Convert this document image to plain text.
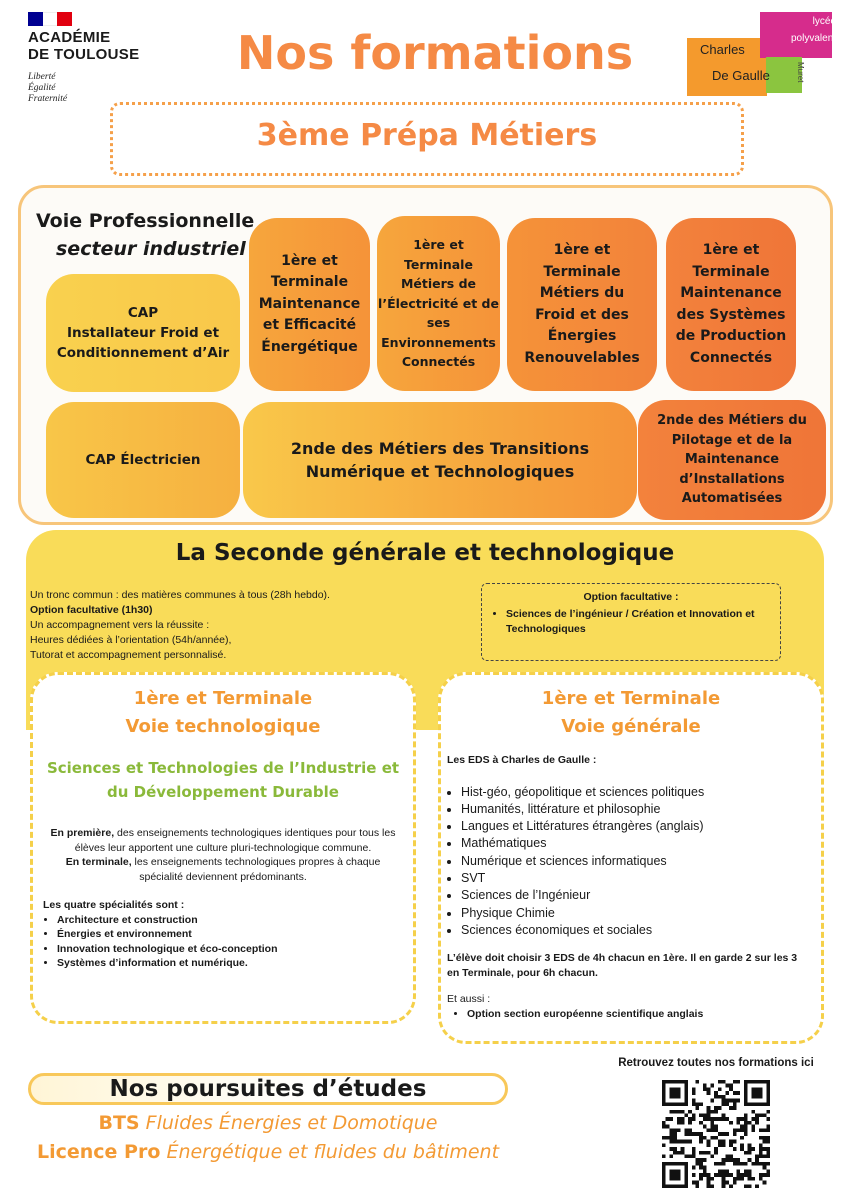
ACADÉMIE
DE TOULOUSE
Liberté
Égalité
Fraternité
Nos formations	Charles
De Gaulle
lycée
polyvalent
Muret
3ème Prépa Métiers
Voie Professionnelle
secteur industriel
CAP
Installateur Froid et
Conditionnement d’Air
1ère et
Terminale
Maintenance
et Efficacité
Énergétique
1ère et
Terminale
Métiers de
l’Électricité et de
ses
Environnements
Connectés
1ère et
Terminale
Métiers du
Froid et des
Énergies
Renouvelables
1ère et
Terminale
Maintenance
des Systèmes
de Production
Connectés
CAP Électricien
2nde des Métiers des Transitions
Numérique et Technologiques
2nde des Métiers du
Pilotage et de la
Maintenance
d’Installations
Automatisées
La Seconde générale et technologique
Un tronc commun : des matières communes à tous (28h hebdo).
Option facultative (1h30)
Un accompagnement vers la réussite :
Heures dédiées à l’orientation (54h/année),
Tutorat et accompagnement personnalisé.
Option facultative :
• Sciences de l’ingénieur / Création et Innovation et Technologiques
1ère et Terminale
Voie technologique
Sciences et Technologies de l’Industrie et
du Développement Durable
En première, des enseignements technologiques identiques pour tous les élèves leur apportent une culture pluri-technologique commune.
En terminale, les enseignements technologiques propres à chaque spécialité deviennent prédominants.
Les quatre spécialités sont :
• Architecture et construction
• Énergies et environnement
• Innovation technologique et éco-conception
• Systèmes d’information et numérique.
1ère et Terminale
Voie générale
Les EDS à Charles de Gaulle :
• Hist-géo, géopolitique et sciences politiques
• Humanités, littérature et philosophie
• Langues et Littératures étrangères (anglais)
• Mathématiques
• Numérique et sciences informatiques
• SVT
• Sciences de l’Ingénieur
• Physique Chimie
• Sciences économiques et sociales
L’élève doit choisir 3 EDS de 4h chacun en 1ère. Il en garde 2 sur les 3 en Terminale, pour 6h chacun.
Et aussi :
• Option section européenne scientifique anglais
Nos poursuites d’études
BTS Fluides Énergies et Domotique
Licence Pro Énergétique et fluides du bâtiment
Retrouvez toutes nos formations ici
